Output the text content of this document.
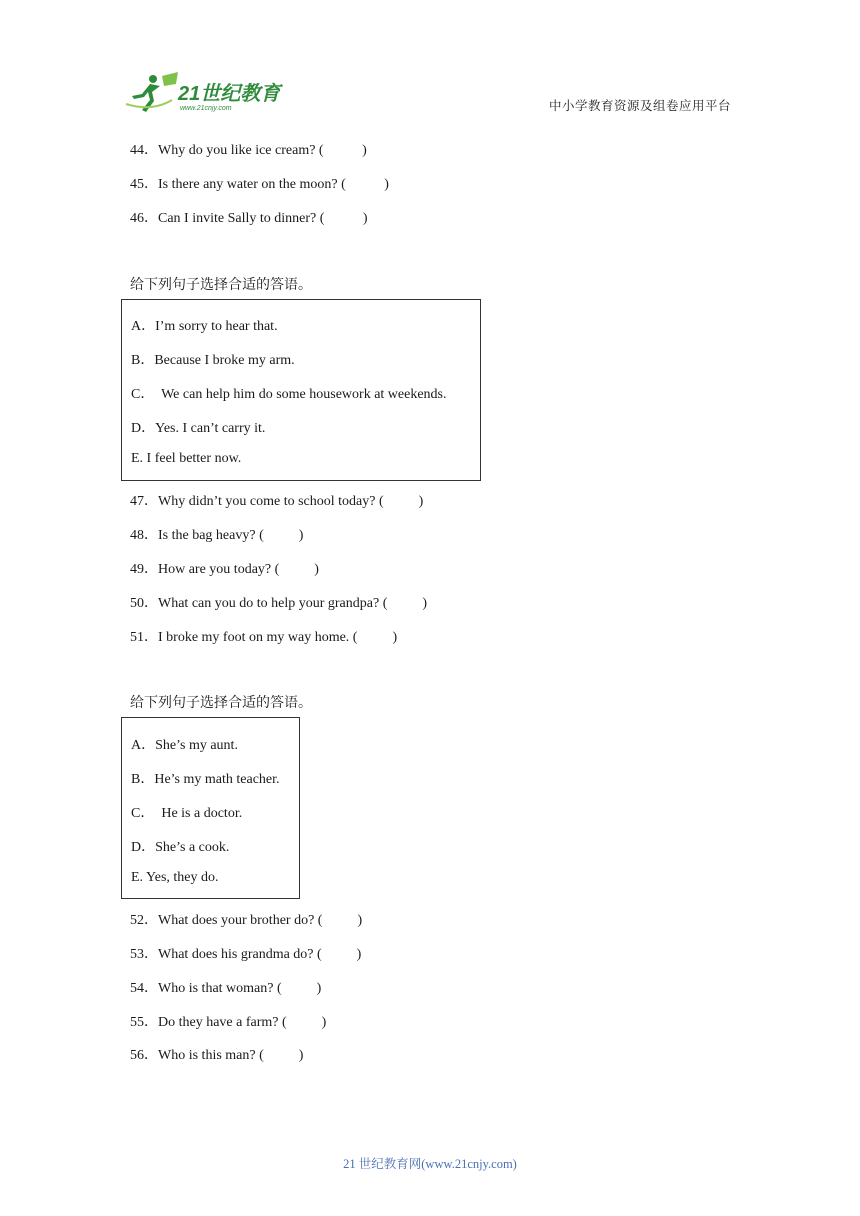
21世纪教育
www.21cnjy.com	中小学教育资源及组卷应用平台
44．Why do you like ice cream? (           )
45．Is there any water on the moon? (           )
46．Can I invite Sally to dinner? (           )
给下列句子选择合适的答语。
A．I’m sorry to hear that.
B．Because I broke my arm.
C．  We can help him do some housework at weekends.
D．Yes. I can’t carry it.
E. I feel better now.
47．Why didn’t you come to school today? (          )
48．Is the bag heavy? (          )
49．How are you today? (          )
50．What can you do to help your grandpa? (          )
51．I broke my foot on my way home. (          )
给下列句子选择合适的答语。
A．She’s my aunt.
B．He’s my math teacher.
C．  He is a doctor.
D．She’s a cook.
E. Yes, they do.
52．What does your brother do? (          )
53．What does his grandma do? (          )
54．Who is that woman? (          )
55．Do they have a farm? (          )
56．Who is this man? (          )
21 世纪教育网(www.21cnjy.com)
